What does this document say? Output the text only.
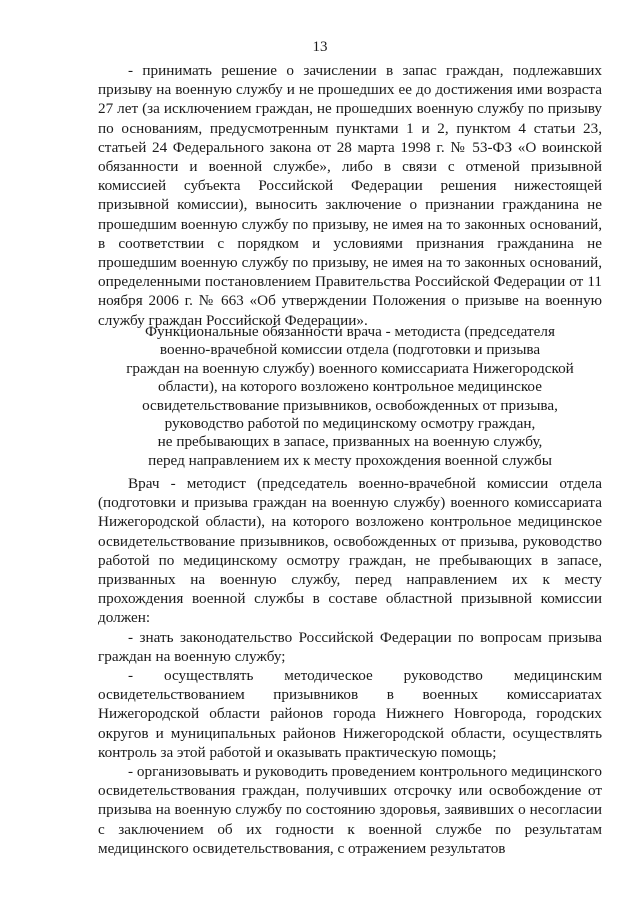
13

- принимать решение о зачислении в запас граждан, подлежавших призыву на военную службу и не прошедших ее до достижения ими возраста 27 лет (за исключением граждан, не прошедших военную службу по призыву по основаниям, предусмотренным пунктами 1 и 2, пунктом 4 статьи 23, статьей 24 Федерального закона от 28 марта 1998 г. № 53-ФЗ «О воинской обязанности и военной службе», либо в связи с отменой призывной комиссией субъекта Российской Федерации решения нижестоящей призывной комиссии), выносить заключение о признании гражданина не прошедшим военную службу по призыву, не имея на то законных оснований, в соответствии с порядком и условиями признания гражданина не прошедшим военную службу по призыву, не имея на то законных оснований, определенными постановлением Правительства Российской Федерации от 11 ноября 2006 г. № 663 «Об утверждении Положения о призыве на военную службу граждан Российской Федерации».

Функциональные обязанности врача - методиста (председателя
военно-врачебной комиссии отдела (подготовки и призыва
граждан на военную службу) военного комиссариата Нижегородской
области), на которого возложено контрольное медицинское
освидетельствование призывников, освобожденных от призыва,
руководство работой по медицинскому осмотру граждан,
не пребывающих в запасе, призванных на военную службу,
перед направлением их к месту прохождения военной службы

Врач - методист (председатель военно-врачебной комиссии отдела (подготовки и призыва граждан на военную службу) военного комиссариата Нижегородской области), на которого возложено контрольное медицинское освидетельствование призывников, освобожденных от призыва, руководство работой по медицинскому осмотру граждан, не пребывающих в запасе, призванных на военную службу, перед направлением их к месту прохождения военной службы в составе областной призывной комиссии должен:

- знать законодательство Российской Федерации по вопросам призыва граждан на военную службу;

- осуществлять методическое руководство медицинским освидетельствованием призывников в военных комиссариатах Нижегородской области районов города Нижнего Новгорода, городских округов и муниципальных районов Нижегородской области, осуществлять контроль за этой работой и оказывать практическую помощь;

- организовывать и руководить проведением контрольного медицинского освидетельствования граждан, получивших отсрочку или освобождение от призыва на военную службу по состоянию здоровья, заявивших о несогласии с заключением об их годности к военной службе по результатам медицинского освидетельствования, с отражением результатов
